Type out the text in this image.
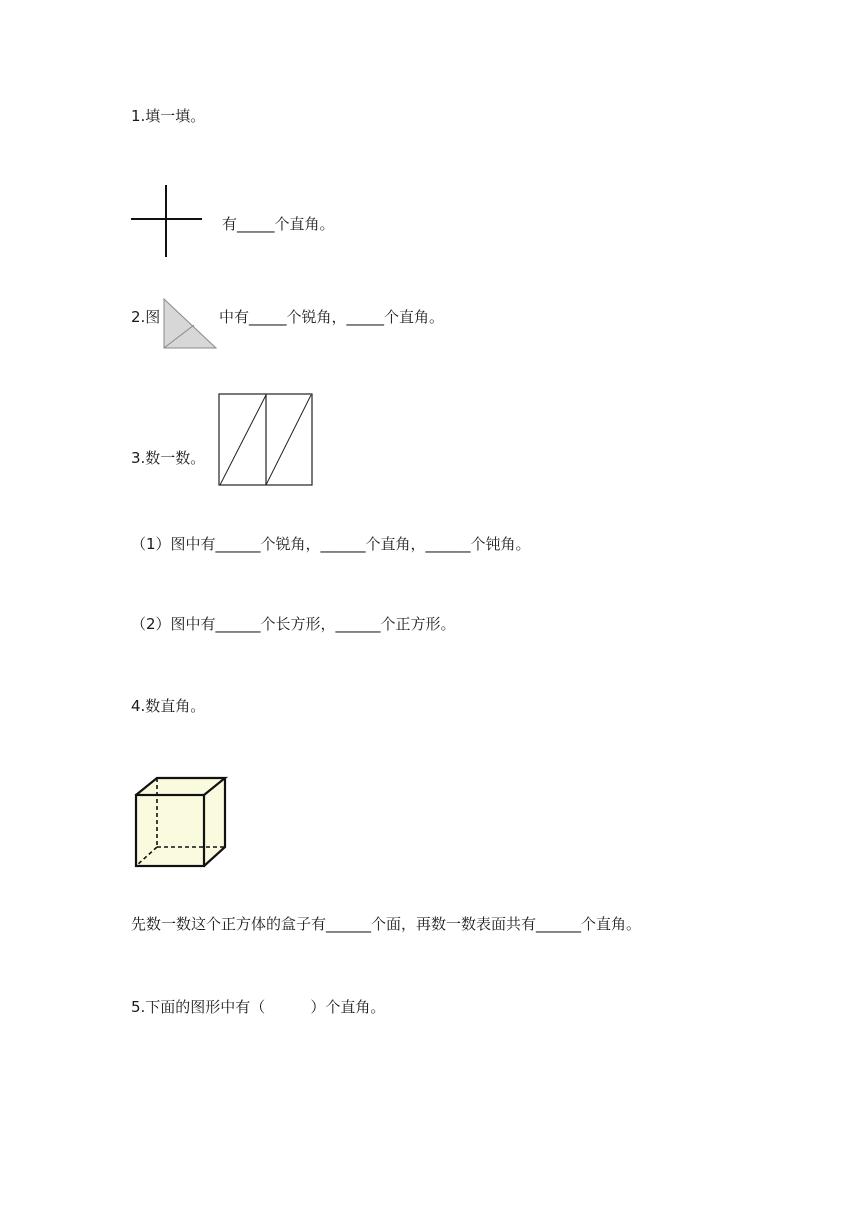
1.填一填。
有_____个直角。
2.图	中有_____个锐角，_____个直角。
3.数一数。
（1）图中有______个锐角，______个直角，______个钝角。
（2）图中有______个长方形，______个正方形。
4.数直角。
先数一数这个正方体的盒子有______个面，再数一数表面共有______个直角。
5.下面的图形中有（　　　）个直角。
